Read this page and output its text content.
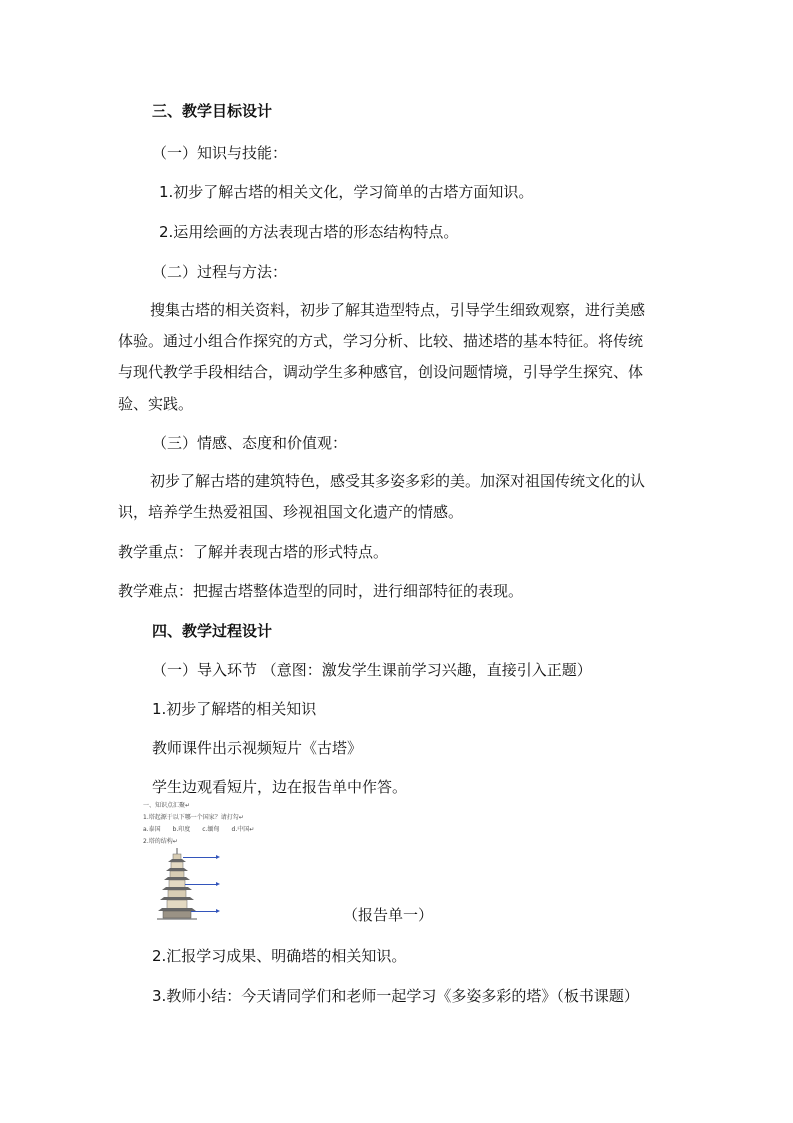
三、教学目标设计
（一）知识与技能：
1.初步了解古塔的相关文化，学习简单的古塔方面知识。
2.运用绘画的方法表现古塔的形态结构特点。
（二）过程与方法：
搜集古塔的相关资料，初步了解其造型特点，引导学生细致观察，进行美感
体验。通过小组合作探究的方式，学习分析、比较、描述塔的基本特征。将传统
与现代教学手段相结合，调动学生多种感官，创设问题情境，引导学生探究、体
验、实践。
（三）情感、态度和价值观：
初步了解古塔的建筑特色，感受其多姿多彩的美。加深对祖国传统文化的认
识，培养学生热爱祖国、珍视祖国文化遗产的情感。
教学重点：了解并表现古塔的形式特点。
教学难点：把握古塔整体造型的同时，进行细部特征的表现。
四、教学过程设计
（一）导入环节 （意图：激发学生课前学习兴趣，直接引入正题）
1.初步了解塔的相关知识
教师课件出示视频短片《古塔》
学生边观看短片，边在报告单中作答。
一、知识点汇聚↵
1.塔起源于以下哪一个国家？请打勾↵
a.泰国　　b.印度　　c.缅甸　　d.中国↵
2.塔的结构↵
（报告单一）
2.汇报学习成果、明确塔的相关知识。
3.教师小结：今天请同学们和老师一起学习《多姿多彩的塔》（板书课题）
